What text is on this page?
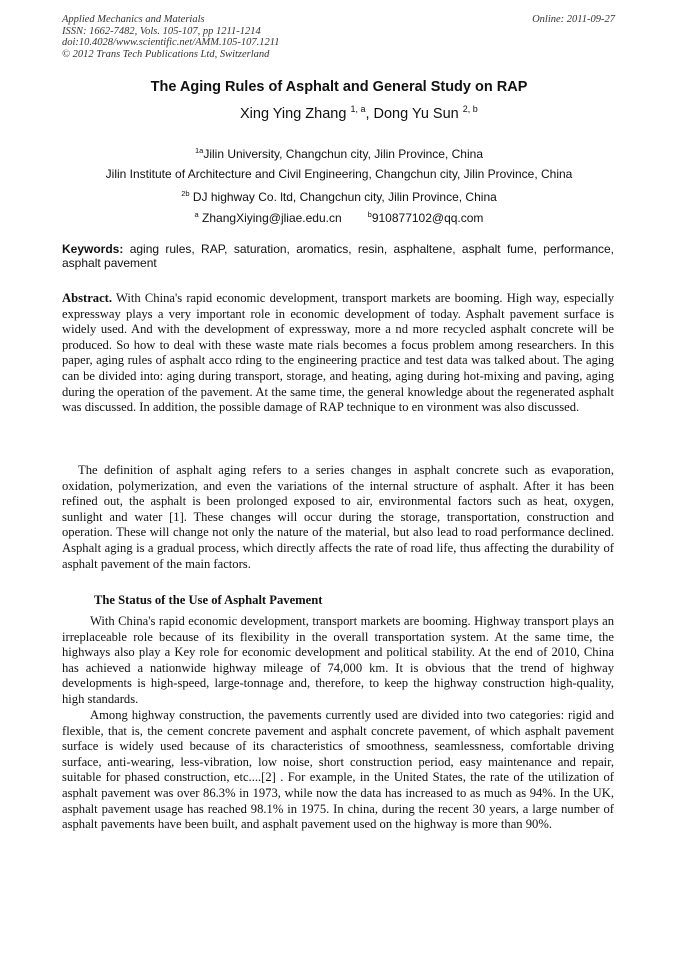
Applied Mechanics and Materials
ISSN: 1662-7482, Vols. 105-107, pp 1211-1214
doi:10.4028/www.scientific.net/AMM.105-107.1211
© 2012 Trans Tech Publications Ltd, Switzerland
Online: 2011-09-27
The Aging Rules of Asphalt and General Study on RAP
Xing Ying Zhang $^{1, a}$, Dong Yu Sun $^{2, b}$
$^{1a}$Jilin University, Changchun city, Jilin Province, China
Jilin Institute of Architecture and Civil Engineering, Changchun city, Jilin Province, China
$^{2b}$ DJ highway Co. ltd, Changchun city, Jilin Province, China
$^a$ ZhangXiying@jliae.edu.cn	$^b$910877102@qq.com
Keywords: aging rules, RAP, saturation, aromatics, resin, asphaltene, asphalt fume, performance, asphalt pavement
Abstract. With China's rapid economic development, transport markets are booming. High way, especially expressway plays a very important role in economic development of today. Asphalt pavement surface is widely used. And with the development of expressway, more a nd more recycled asphalt concrete will be produced. So how to deal with these waste mate rials becomes a focus problem among researchers. In this paper, aging rules of asphalt acco rding to the engineering practice and test data was talked about. The aging can be divided into: aging during transport, storage, and heating, aging during hot-mixing and paving, aging during the operation of the pavement. At the same time, the general knowledge about the regenerated asphalt was discussed. In addition, the possible damage of RAP technique to en vironment was also discussed.

The definition of asphalt aging refers to a series changes in asphalt concrete such as evaporation, oxidation, polymerization, and even the variations of the internal structure of asphalt. After it has been refined out, the asphalt is been prolonged exposed to air, environmental factors such as heat, oxygen, sunlight and water [1]. These changes will occur during the storage, transportation, construction and operation. These will change not only the nature of the material, but also lead to road performance declined. Asphalt aging is a gradual process, which directly affects the rate of road life, thus affecting the durability of asphalt pavement of the main factors.

The Status of the Use of Asphalt Pavement

With China's rapid economic development, transport markets are booming. Highway transport plays an irreplaceable role because of its flexibility in the overall transportation system. At the same time, the highways also play a Key role for economic development and political stability. At the end of 2010, China has achieved a nationwide highway mileage of 74,000 km. It is obvious that the trend of highway developments is high-speed, large-tonnage and, therefore, to keep the highway construction high-quality, high standards.

Among highway construction, the pavements currently used are divided into two categories: rigid and flexible, that is, the cement concrete pavement and asphalt concrete pavement, of which asphalt pavement surface is widely used because of its characteristics of smoothness, seamlessness, comfortable driving surface, anti-wearing, less-vibration, low noise, short construction period, easy maintenance and repair, suitable for phased construction, etc....[2] . For example, in the United States, the rate of the utilization of asphalt pavement was over 86.3% in 1973, while now the data has increased to as much as 94%. In the UK, asphalt pavement usage has reached 98.1% in 1975. In china, during the recent 30 years, a large number of asphalt pavements have been built, and asphalt pavement used on the highway is more than 90%.
